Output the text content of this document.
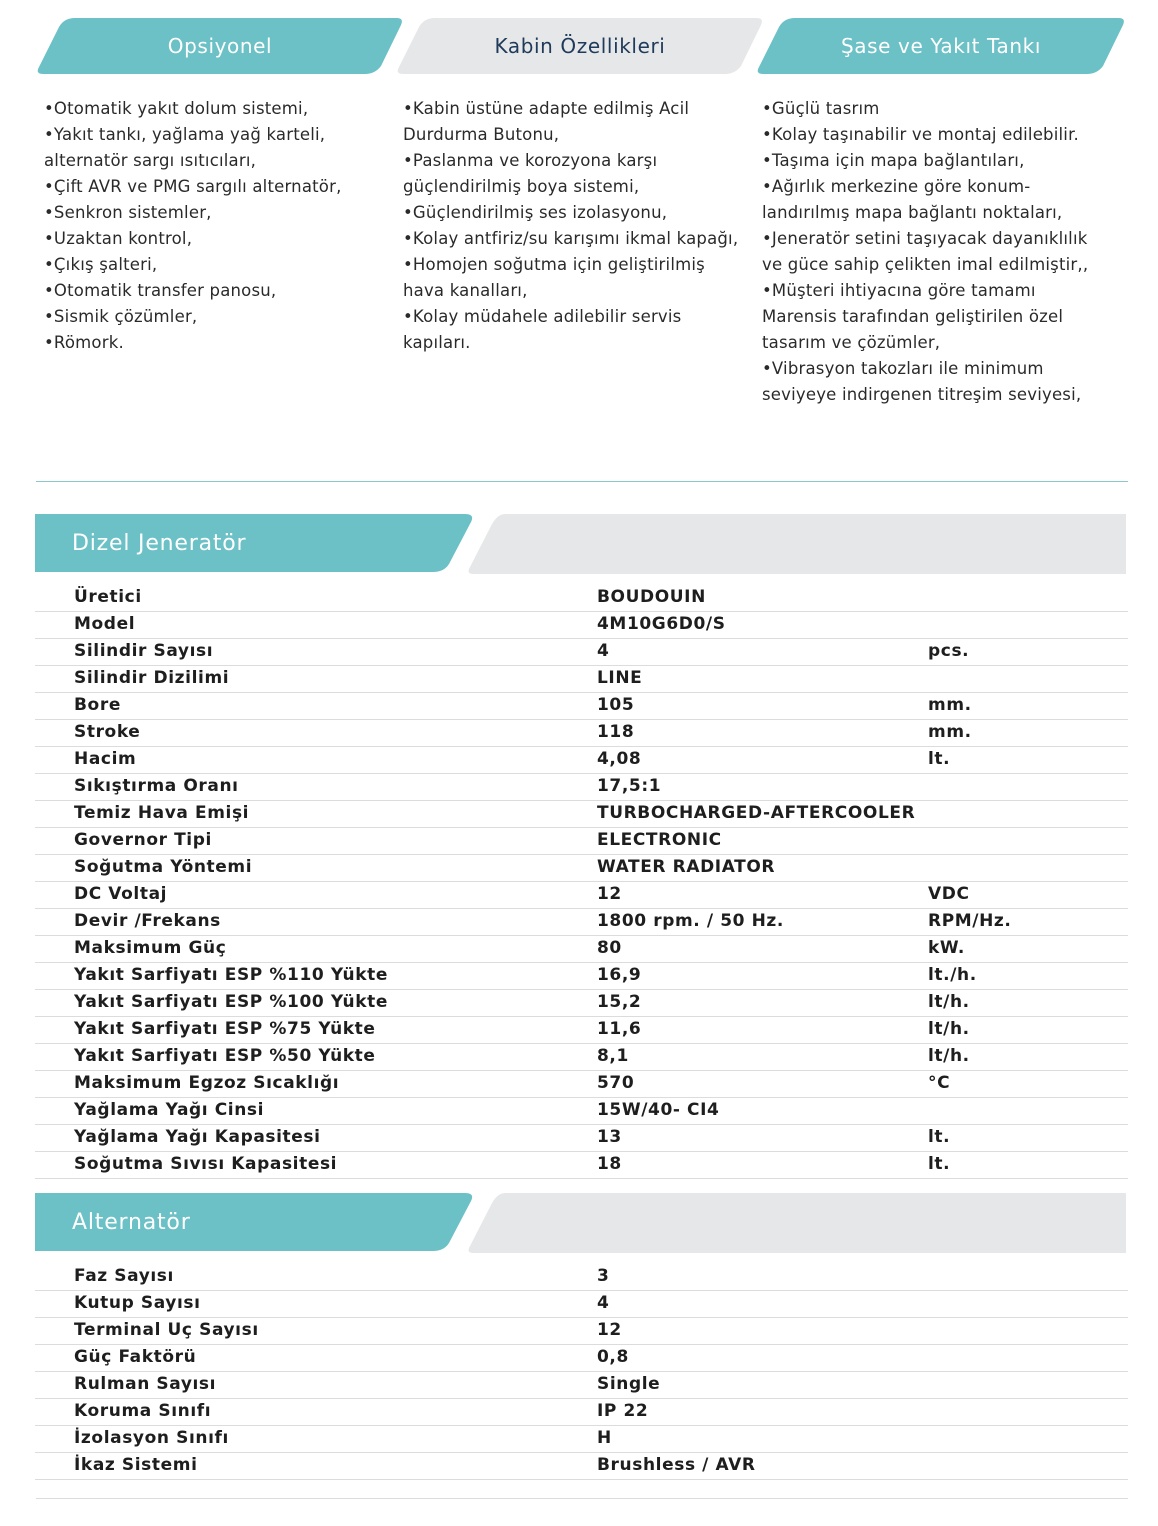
Opsiyonel	Kabin Özellikleri	Şase ve Yakıt Tankı
•Otomatik yakıt dolum sistemi,
•Yakıt tankı, yağlama yağ karteli,
alternatör sargı ısıtıcıları,
•Çift AVR ve PMG sargılı alternatör,
•Senkron sistemler,
•Uzaktan kontrol,
•Çıkış şalteri,
•Otomatik transfer panosu,
•Sismik çözümler,
•Römork.
•Kabin üstüne adapte edilmiş Acil
Durdurma Butonu,
•Paslanma ve korozyona karşı
güçlendirilmiş boya sistemi,
•Güçlendirilmiş ses izolasyonu,
•Kolay antfiriz/su karışımı ikmal kapağı,
•Homojen soğutma için geliştirilmiş
hava kanalları,
•Kolay müdahele adilebilir servis
kapıları.
•Güçlü tasrım
•Kolay taşınabilir ve montaj edilebilir.
•Taşıma için mapa bağlantıları,
•Ağırlık merkezine göre konum-
landırılmış mapa bağlantı noktaları,
•Jeneratör setini taşıyacak dayanıklılık
ve güce sahip çelikten imal edilmiştir,,
•Müşteri ihtiyacına göre tamamı
Marensis tarafından geliştirilen özel
tasarım ve çözümler,
•Vibrasyon takozları ile minimum
seviyeye indirgenen titreşim seviyesi,
Dizel Jeneratör
Üretici	BOUDOUIN
Model	4M10G6D0/S
Silindir Sayısı	4	pcs.
Silindir Dizilimi	LINE
Bore	105	mm.
Stroke	118	mm.
Hacim	4,08	lt.
Sıkıştırma Oranı	17,5:1
Temiz Hava Emişi	TURBOCHARGED-AFTERCOOLER
Governor Tipi	ELECTRONIC
Soğutma Yöntemi	WATER RADIATOR
DC Voltaj	12	VDC
Devir /Frekans	1800 rpm. / 50 Hz.	RPM/Hz.
Maksimum Güç	80	kW.
Yakıt Sarfiyatı ESP %110 Yükte	16,9	lt./h.
Yakıt Sarfiyatı ESP %100 Yükte	15,2	lt/h.
Yakıt Sarfiyatı ESP %75 Yükte	11,6	lt/h.
Yakıt Sarfiyatı ESP %50 Yükte	8,1	lt/h.
Maksimum Egzoz Sıcaklığı	570	°C
Yağlama Yağı Cinsi	15W/40- CI4
Yağlama Yağı Kapasitesi	13	lt.
Soğutma Sıvısı Kapasitesi	18	lt.
Alternatör
Faz Sayısı	3
Kutup Sayısı	4
Terminal Uç Sayısı	12
Güç Faktörü	0,8
Rulman Sayısı	Single
Koruma Sınıfı	IP 22
İzolasyon Sınıfı	H
İkaz Sistemi	Brushless / AVR
